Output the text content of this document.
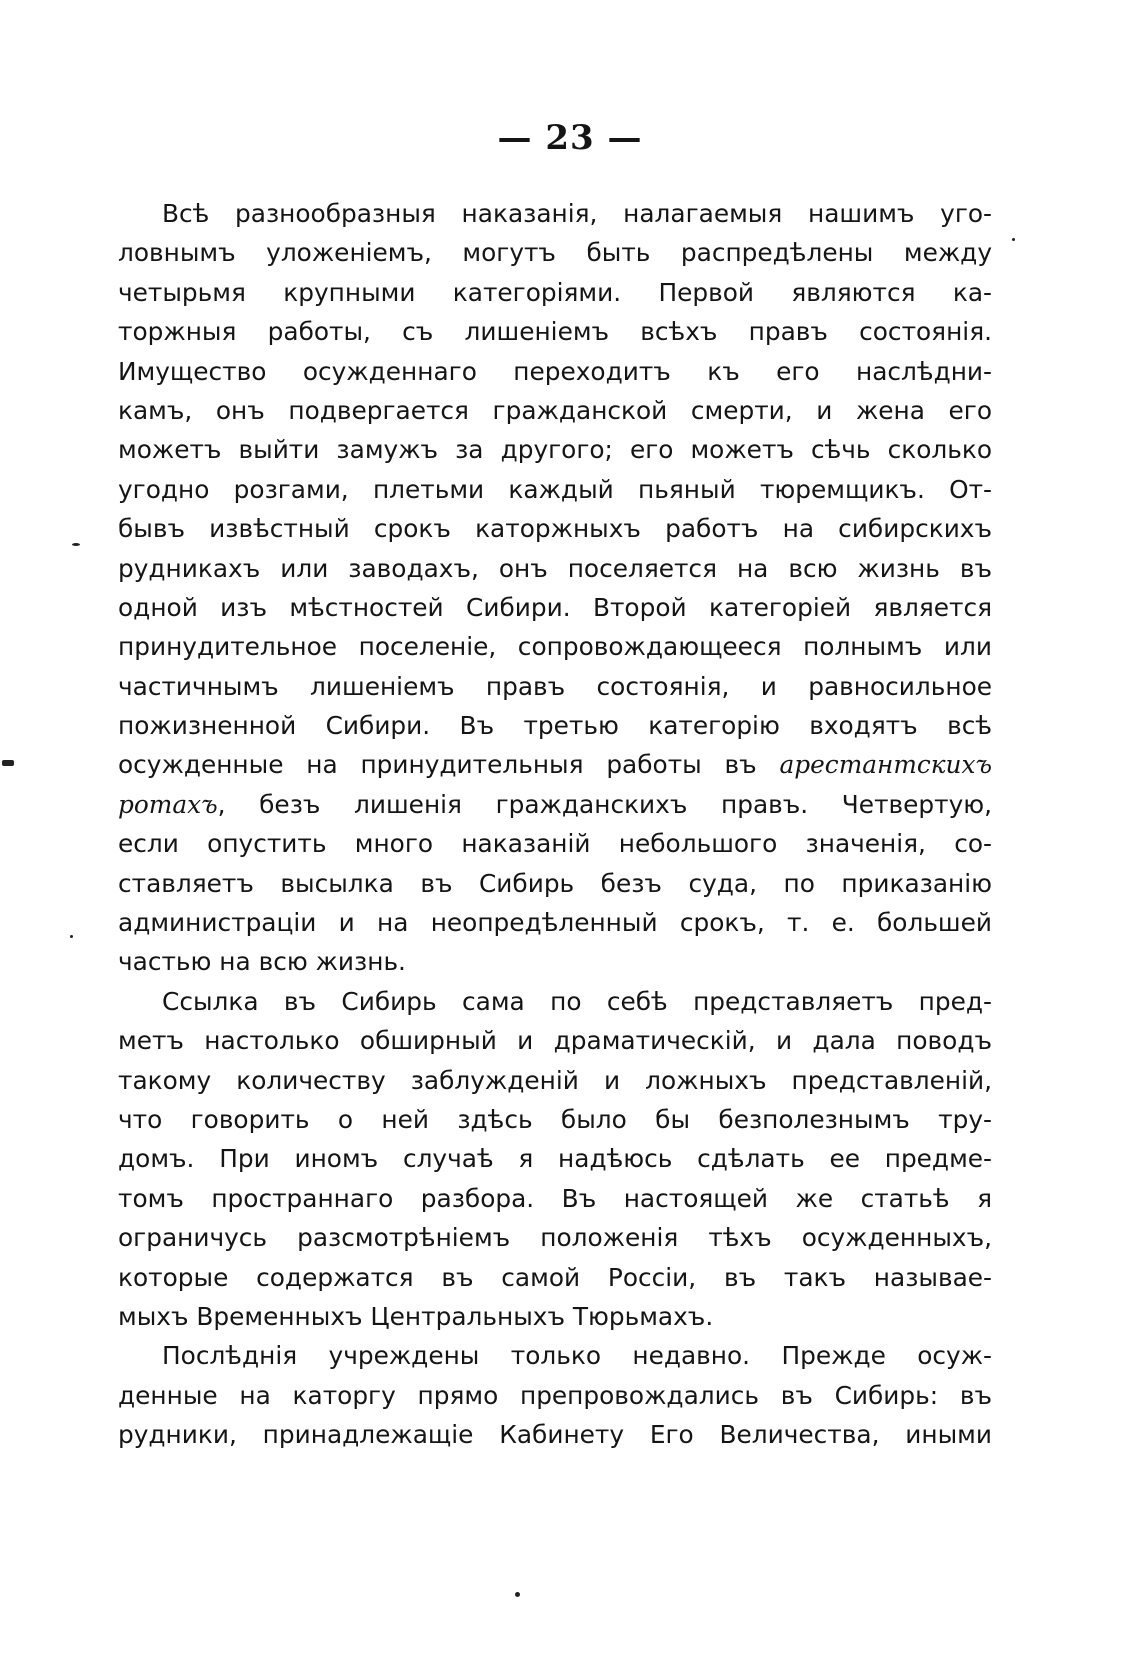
— 23 —
Всѣ разнообразныя наказанія, налагаемыя нашимъ уго-
ловнымъ уложеніемъ, могутъ быть распредѣлены между
четырьмя крупными категоріями. Первой являются ка-
торжныя работы, съ лишеніемъ всѣхъ правъ состоянія.
Имущество осужденнаго переходитъ къ его наслѣдни-
камъ, онъ подвергается гражданской смерти, и жена его
можетъ выйти замужъ за другого; его можетъ сѣчь сколько
угодно розгами, плетьми каждый пьяный тюремщикъ. От-
бывъ извѣстный срокъ каторжныхъ работъ на сибирскихъ
рудникахъ или заводахъ, онъ поселяется на всю жизнь въ
одной изъ мѣстностей Сибири. Второй категоріей является
принудительное поселеніе, сопровождающееся полнымъ или
частичнымъ лишеніемъ правъ состоянія, и равносильное
пожизненной Сибири. Въ третью категорію входятъ всѣ
осужденные на принудительныя работы въ арестантскихъ
ротахъ, безъ лишенія гражданскихъ правъ. Четвертую,
если опустить много наказаній небольшого значенія, со-
ставляетъ высылка въ Сибирь безъ суда, по приказанію
администраціи и на неопредѣленный срокъ, т. е. большей
частью на всю жизнь.
Ссылка въ Сибирь сама по себѣ представляетъ пред-
метъ настолько обширный и драматическій, и дала поводъ
такому количеству заблужденій и ложныхъ представленій,
что говорить о ней здѣсь было бы безполезнымъ тру-
домъ. При иномъ случаѣ я надѣюсь сдѣлать ее предме-
томъ пространнаго разбора. Въ настоящей же статьѣ я
ограничусь разсмотрѣніемъ положенія тѣхъ осужденныхъ,
которые содержатся въ самой Россіи, въ такъ называе-
мыхъ Временныхъ Центральныхъ Тюрьмахъ.
Послѣднія учреждены только недавно. Прежде осуж-
денные на каторгу прямо препровождались въ Сибирь: въ
рудники, принадлежащіе Кабинету Его Величества, иными
